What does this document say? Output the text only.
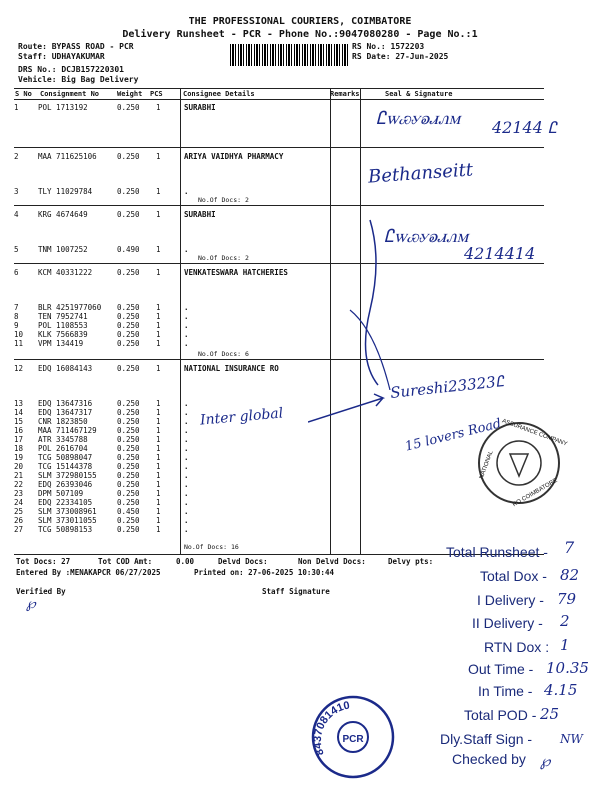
THE PROFESSIONAL COURIERS, COIMBATORE
Delivery Runsheet - PCR - Phone No.:9047080280 - Page No.:1
Route: BYPASS ROAD - PCR
Staff: UDHAYAKUMAR
DRS No.: DCJB157220301
Vehicle: Big Bag Delivery
RS No.: 1572203
RS Date: 27-Jun-2025
S No Consignment No	Weight PCS	Consignee Details	Remarks	Seal & Signature
1	POL 1713192	0.250 1	SURABHI
2	MAA 711625106	0.250 1	ARIYA VAIDHYA PHARMACY
3	TLY 11029784	0.250 1	.
No.Of Docs: 2
4	KRG 4674649	0.250 1	SURABHI
5	TNM 1007252	0.490 1	.
No.Of Docs: 2
6	KCM 40331222	0.250 1	VENKATESWARA HATCHERIES
7	BLR 4251977060 0.250 1	.
8	TEN 7952741	0.250 1	.
9	POL 1108553	0.250 1	.
10 KLK 7566839	0.250 1	.
11 VPM 134419	0.250 1	.
No.Of Docs: 6
12 EDQ 16084143	0.250 1	NATIONAL INSURANCE RO
13 EDQ 13647316	0.250 1	.
14 EDQ 13647317	0.250 1	.
15 CNR 1823850	0.250 1	.
16 MAA 711467129	0.250 1	.
17 ATR 3345788	0.250 1	.
18 POL 2616704	0.250 1	.
19 TCG 50898047	0.250 1	.
20 TCG 15144378	0.250 1	.
21 SLM 372980155	0.250 1	.
22 EDQ 26393046	0.250 1	.
23 DPM 507109	0.250 1	.
24 EDQ 22334105	0.250 1	.
25 SLM 373008961	0.450 1	.
26 SLM 373011055	0.250 1	.
27 TCG 50898153	0.250 1	.
No.Of Docs: 16
Tot Docs: 27	Tot COD Amt:	0.00	Delvd Docs:	Non Delvd Docs:	Delvy pts:
Entered By :MENAKAPCR 06/27/2025	Printed on: 27-06-2025 10:30:44
Verified By	Staff Signature
Ꮭꮃꮿꮍꭷꮧꮑꮇ 42144 Ꮭ
Bethanseitt
Ꮭꮃꮿꮍꭷꮧꮑꮇ
4214414
Sureshi23323Ꮭ
Inter global	15 lovers Road
ASSURANCE COMPANY
RO COIMBATORE
NATIONAL
Total Runsheet - 7
Total Dox - 82
I Delivery - 79
II Delivery - 2
RTN Dox : 1
Out Time - 10.35
In Time - 4.15
Total POD - 25
Dly.Staff Sign - NW
Checked by ℘
℘
PCR
8437081410
